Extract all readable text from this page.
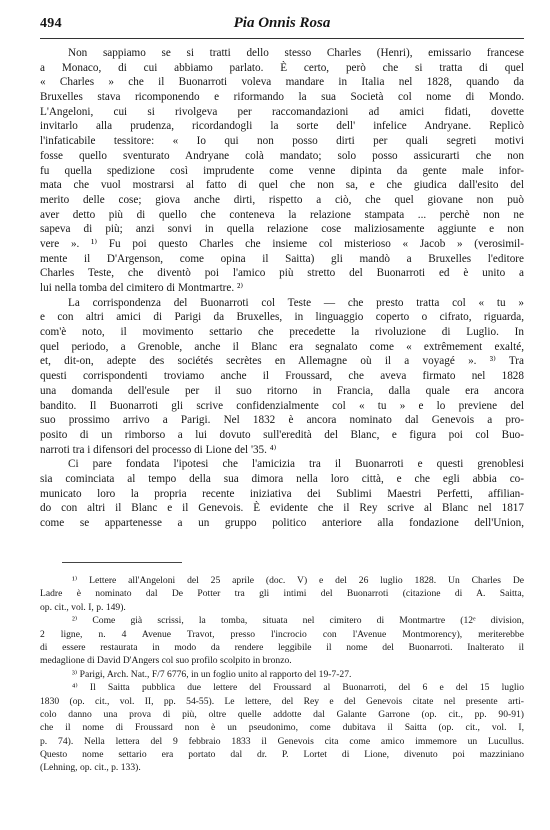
494	Pia Onnis Rosa
Non sappiamo se si tratti dello stesso Charles (Henri), emissario francese
a Monaco, di cui abbiamo parlato. È certo, però che si tratta di quel
« Charles » che il Buonarroti voleva mandare in Italia nel 1828, quando da
Bruxelles stava ricomponendo e riformando la sua Società col nome di Mondo.
L'Angeloni, cui si rivolgeva per raccomandazioni ad amici fidati, dovette
invitarlo alla prudenza, ricordandogli la sorte dell' infelice Andryane. Replicò
l'infaticabile tessitore: « Io qui non posso dirti per quali segreti motivi
fosse quello sventurato Andryane colà mandato; solo posso assicurarti che non
fu quella spedizione così imprudente come venne dipinta da gente male infor-
mata che vuol mostrarsi al fatto di quel che non sa, e che giudica dall'esito del
merito delle cose; giova anche dirti, rispetto a ciò, che quel giovane non può
aver detto più di quello che conteneva la relazione stampata ... perchè non ne
sapeva di più; anzi sonvi in quella relazione cose maliziosamente aggiunte e non
vere ». ¹⁾ Fu poi questo Charles che insieme col misterioso « Jacob » (verosimil-
mente il D'Argenson, come opina il Saitta) gli mandò a Bruxelles l'editore
Charles Teste, che diventò poi l'amico più stretto del Buonarroti ed è unito a
lui nella tomba del cimitero di Montmartre. ²⁾
La corrispondenza del Buonarroti col Teste — che presto tratta col « tu »
e con altri amici di Parigi da Bruxelles, in linguaggio coperto o cifrato, riguarda,
com'è noto, il movimento settario che precedette la rivoluzione di Luglio. In
quel periodo, a Grenoble, anche il Blanc era segnalato come « extrêmement exalté,
et, dit-on, adepte des sociétés secrètes en Allemagne où il a voyagé ». ³⁾ Tra
questi corrispondenti troviamo anche il Froussard, che aveva firmato nel 1828
una domanda dell'esule per il suo ritorno in Francia, dalla quale era ancora
bandito. Il Buonarroti gli scrive confidenzialmente col « tu » e lo previene del
suo prossimo arrivo a Parigi. Nel 1832 è ancora nominato dal Genevois a pro-
posito di un rimborso a lui dovuto sull'eredità del Blanc, e figura poi col Buo-
narroti tra i difensori del processo di Lione del '35. ⁴⁾
Ci pare fondata l'ipotesi che l'amicizia tra il Buonarroti e questi grenoblesi
sia cominciata al tempo della sua dimora nella loro città, e che egli abbia co-
municato loro la propria recente iniziativa dei Sublimi Maestri Perfetti, affilian-
do con altri il Blanc e il Genevois. È evidente che il Rey scrive al Blanc nel 1817
come se appartenesse a un gruppo politico anteriore alla fondazione dell'Union,
¹⁾ Lettere all'Angeloni del 25 aprile (doc. V) e del 26 luglio 1828. Un Charles De
Ladre è nominato dal De Potter tra gli intimi del Buonarroti (citazione di A. Saitta,
op. cit., vol. I, p. 149).
²⁾ Come già scrissi, la tomba, situata nel cimitero di Montmartre (12ᵉ division,
2 ligne, n. 4 Avenue Travot, presso l'incrocio con l'Avenue Montmorency), meriterebbe
di essere restaurata in modo da rendere leggibile il nome del Buonarroti. Inalterato il
medaglione di David D'Angers col suo profilo scolpito in bronzo.
³⁾ Parigi, Arch. Nat., F/7 6776, in un foglio unito al rapporto del 19-7-27.
⁴⁾ Il Saitta pubblica due lettere del Froussard al Buonarroti, del 6 e del 15 luglio
1830 (op. cit., vol. II, pp. 54-55). Le lettere, del Rey e del Genevois citate nel presente arti-
colo danno una prova di più, oltre quelle addotte dal Galante Garrone (op. cit., pp. 90-91)
che il nome di Froussard non è un pseudonimo, come dubitava il Saitta (op. cit., vol. I,
p. 74). Nella lettera del 9 febbraio 1833 il Genevois cita come amico immemore un Lucullus.
Questo nome settario era portato dal dr. P. Lortet di Lione, divenuto poi mazziniano
(Lehning, op. cit., p. 133).
